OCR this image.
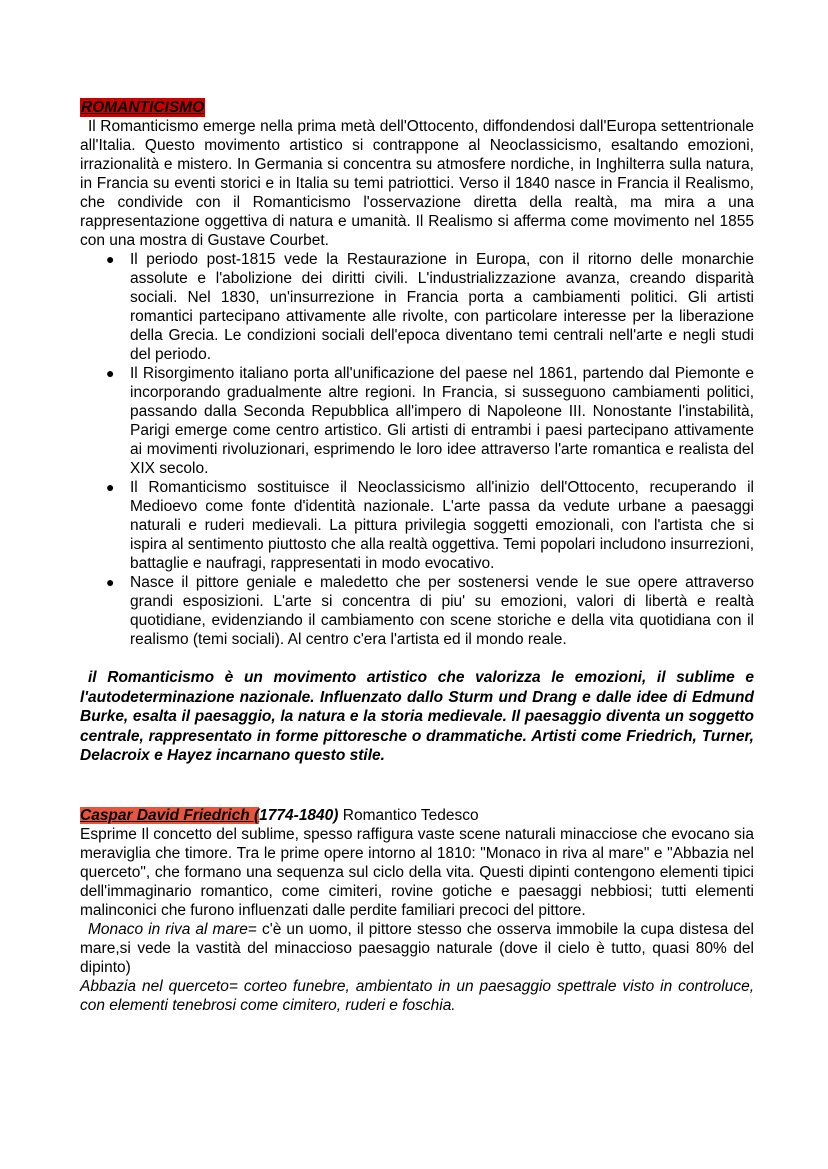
ROMANTICISMO

Il Romanticismo emerge nella prima metà dell'Ottocento, diffondendosi dall'Europa settentrionale all'Italia. Questo movimento artistico si contrappone al Neoclassicismo, esaltando emozioni, irrazionalità e mistero. In Germania si concentra su atmosfere nordiche, in Inghilterra sulla natura, in Francia su eventi storici e in Italia su temi patriottici. Verso il 1840 nasce in Francia il Realismo, che condivide con il Romanticismo l'osservazione diretta della realtà, ma mira a una rappresentazione oggettiva di natura e umanità. Il Realismo si afferma come movimento nel 1855 con una mostra di Gustave Courbet.

● Il periodo post-1815 vede la Restaurazione in Europa, con il ritorno delle monarchie assolute e l'abolizione dei diritti civili. L'industrializzazione avanza, creando disparità sociali. Nel 1830, un'insurrezione in Francia porta a cambiamenti politici. Gli artisti romantici partecipano attivamente alle rivolte, con particolare interesse per la liberazione della Grecia. Le condizioni sociali dell'epoca diventano temi centrali nell'arte e negli studi del periodo.
● Il Risorgimento italiano porta all'unificazione del paese nel 1861, partendo dal Piemonte e incorporando gradualmente altre regioni. In Francia, si susseguono cambiamenti politici, passando dalla Seconda Repubblica all'impero di Napoleone III. Nonostante l'instabilità, Parigi emerge come centro artistico. Gli artisti di entrambi i paesi partecipano attivamente ai movimenti rivoluzionari, esprimendo le loro idee attraverso l'arte romantica e realista del XIX secolo.
● Il Romanticismo sostituisce il Neoclassicismo all'inizio dell'Ottocento, recuperando il Medioevo come fonte d'identità nazionale. L'arte passa da vedute urbane a paesaggi naturali e ruderi medievali. La pittura privilegia soggetti emozionali, con l'artista che si ispira al sentimento piuttosto che alla realtà oggettiva. Temi popolari includono insurrezioni, battaglie e naufragi, rappresentati in modo evocativo.
● Nasce il pittore geniale e maledetto che per sostenersi vende le sue opere attraverso grandi esposizioni. L'arte si concentra di piu' su emozioni, valori di libertà e realtà quotidiane, evidenziando il cambiamento con scene storiche e della vita quotidiana con il realismo (temi sociali). Al centro c'era l'artista ed il mondo reale.

il Romanticismo è un movimento artistico che valorizza le emozioni, il sublime e l'autodeterminazione nazionale. Influenzato dallo Sturm und Drang e dalle idee di Edmund Burke, esalta il paesaggio, la natura e la storia medievale. Il paesaggio diventa un soggetto centrale, rappresentato in forme pittoresche o drammatiche. Artisti come Friedrich, Turner, Delacroix e Hayez incarnano questo stile.

Caspar David Friedrich (1774-1840) Romantico Tedesco

Esprime Il concetto del sublime, spesso raffigura vaste scene naturali minacciose che evocano sia meraviglia che timore. Tra le prime opere intorno al 1810: "Monaco in riva al mare" e "Abbazia nel querceto", che formano una sequenza sul ciclo della vita. Questi dipinti contengono elementi tipici dell'immaginario romantico, come cimiteri, rovine gotiche e paesaggi nebbiosi; tutti elementi malinconici che furono influenzati dalle perdite familiari precoci del pittore.

Monaco in riva al mare= c'è un uomo, il pittore stesso che osserva immobile la cupa distesa del mare,si vede la vastità del minaccioso paesaggio naturale (dove il cielo è tutto, quasi 80% del dipinto)

Abbazia nel querceto= corteo funebre, ambientato in un paesaggio spettrale visto in controluce, con elementi tenebrosi come cimitero, ruderi e foschia.
